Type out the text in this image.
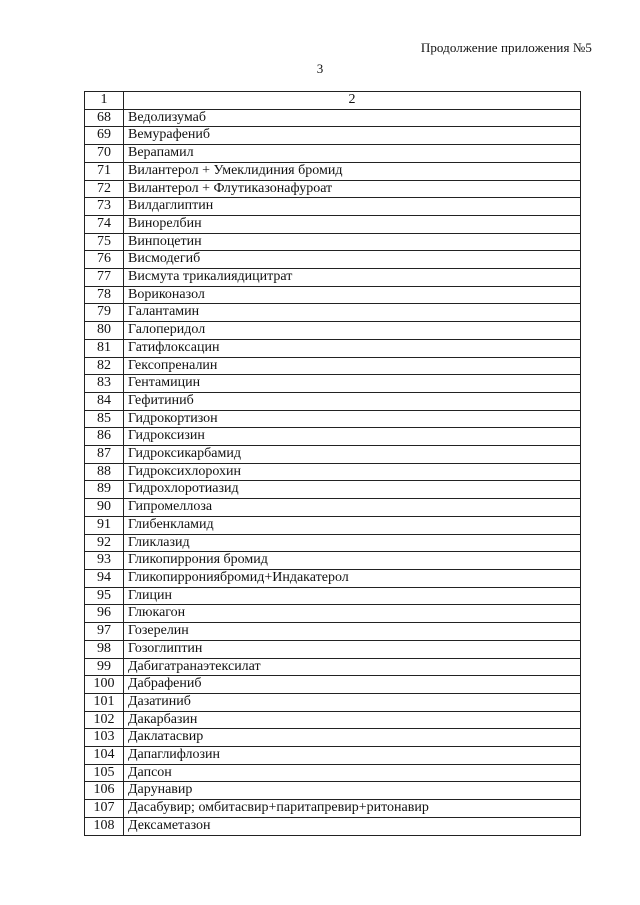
Продолжение приложения №5
3
1	2
68	Ведолизумаб
69	Вемурафениб
70	Верапамил
71	Вилантерол + Умеклидиния бромид
72	Вилантерол + Флутиказонафуроат
73	Вилдаглиптин
74	Винорелбин
75	Винпоцетин
76	Висмодегиб
77	Висмута трикалиядицитрат
78	Вориконазол
79	Галантамин
80	Галоперидол
81	Гатифлоксацин
82	Гексопреналин
83	Гентамицин
84	Гефитиниб
85	Гидрокортизон
86	Гидроксизин
87	Гидроксикарбамид
88	Гидроксихлорохин
89	Гидрохлоротиазид
90	Гипромеллоза
91	Глибенкламид
92	Гликлазид
93	Гликопиррония бромид
94	Гликопиррониябромид+Индакатерол
95	Глицин
96	Глюкагон
97	Гозерелин
98	Гозоглиптин
99	Дабигатранаэтексилат
100	Дабрафениб
101	Дазатиниб
102	Дакарбазин
103	Даклатасвир
104	Дапаглифлозин
105	Дапсон
106	Дарунавир
107	Дасабувир; омбитасвир+паритапревир+ритонавир
108	Дексаметазон
